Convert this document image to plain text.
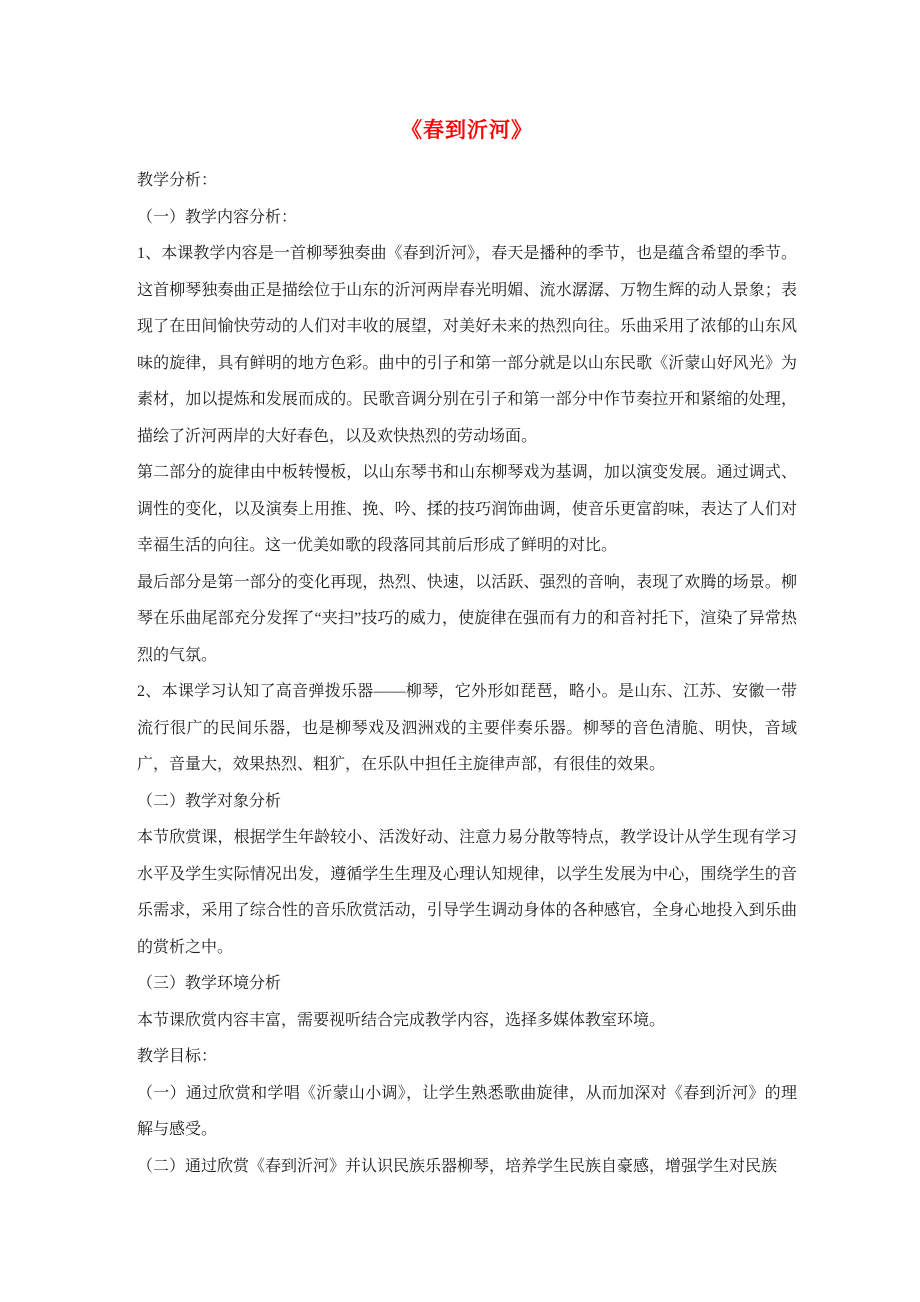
《春到沂河》

教学分析：

（一）教学内容分析：

1、本课教学内容是一首柳琴独奏曲《春到沂河》，春天是播种的季节，也是蕴含希望的季节。这首柳琴独奏曲正是描绘位于山东的沂河两岸春光明媚、流水潺潺、万物生辉的动人景象；表现了在田间愉快劳动的人们对丰收的展望，对美好未来的热烈向往。乐曲采用了浓郁的山东风味的旋律，具有鲜明的地方色彩。曲中的引子和第一部分就是以山东民歌《沂蒙山好风光》为素材，加以提炼和发展而成的。民歌音调分别在引子和第一部分中作节奏拉开和紧缩的处理，描绘了沂河两岸的大好春色，以及欢快热烈的劳动场面。

第二部分的旋律由中板转慢板，以山东琴书和山东柳琴戏为基调，加以演变发展。通过调式、调性的变化，以及演奏上用推、挽、吟、揉的技巧润饰曲调，使音乐更富韵味，表达了人们对幸福生活的向往。这一优美如歌的段落同其前后形成了鲜明的对比。

最后部分是第一部分的变化再现，热烈、快速，以活跃、强烈的音响，表现了欢腾的场景。柳琴在乐曲尾部充分发挥了“夹扫”技巧的威力，使旋律在强而有力的和音衬托下，渲染了异常热烈的气氛。

2、本课学习认知了高音弹拨乐器——柳琴，它外形如琵琶，略小。是山东、江苏、安徽一带流行很广的民间乐器，也是柳琴戏及泗洲戏的主要伴奏乐器。柳琴的音色清脆、明快，音域广，音量大，效果热烈、粗犷，在乐队中担任主旋律声部，有很佳的效果。

（二）教学对象分析

本节欣赏课，根据学生年龄较小、活泼好动、注意力易分散等特点，教学设计从学生现有学习水平及学生实际情况出发，遵循学生生理及心理认知规律，以学生发展为中心，围绕学生的音乐需求，采用了综合性的音乐欣赏活动，引导学生调动身体的各种感官，全身心地投入到乐曲的赏析之中。

（三）教学环境分析

本节课欣赏内容丰富，需要视听结合完成教学内容，选择多媒体教室环境。

教学目标：

（一）通过欣赏和学唱《沂蒙山小调》，让学生熟悉歌曲旋律，从而加深对《春到沂河》的理解与感受。

（二）通过欣赏《春到沂河》并认识民族乐器柳琴，培养学生民族自豪感，增强学生对民族
